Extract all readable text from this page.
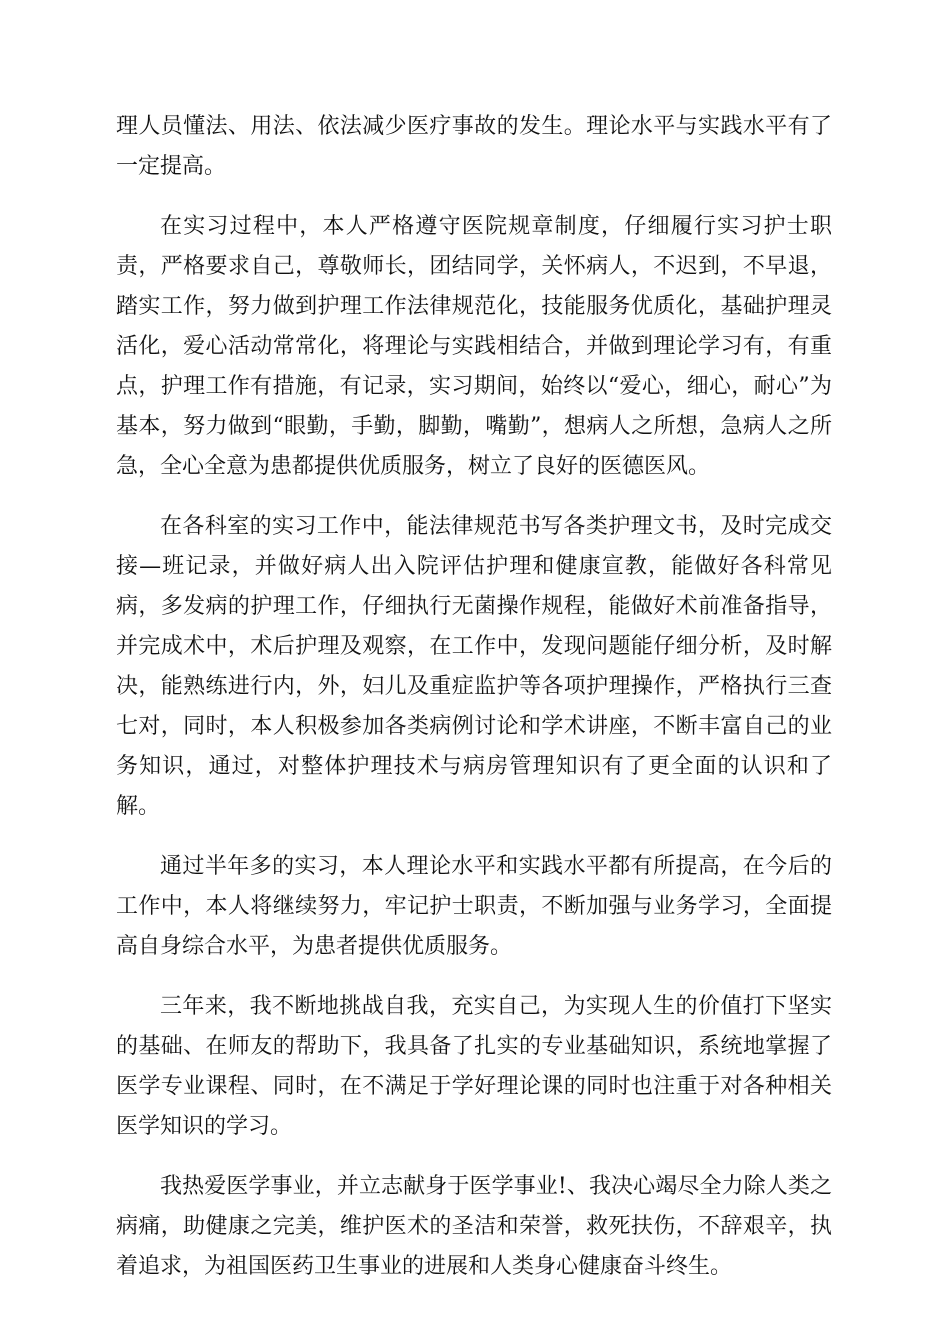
理人员懂法、用法、依法减少医疗事故的发生。理论水平与实践水平有了一定提高。

在实习过程中，本人严格遵守医院规章制度，仔细履行实习护士职责，严格要求自己，尊敬师长，团结同学，关怀病人，不迟到，不早退，踏实工作，努力做到护理工作法律规范化，技能服务优质化，基础护理灵活化，爱心活动常常化，将理论与实践相结合，并做到理论学习有，有重点，护理工作有措施，有记录，实习期间，始终以“爱心，细心，耐心”为基本，努力做到“眼勤，手勤，脚勤，嘴勤”，想病人之所想，急病人之所急，全心全意为患都提供优质服务，树立了良好的医德医风。

在各科室的实习工作中，能法律规范书写各类护理文书，及时完成交接—班记录，并做好病人出入院评估护理和健康宣教，能做好各科常见病，多发病的护理工作，仔细执行无菌操作规程，能做好术前准备指导，并完成术中，术后护理及观察，在工作中，发现问题能仔细分析，及时解决，能熟练进行内，外，妇儿及重症监护等各项护理操作，严格执行三查七对，同时，本人积极参加各类病例讨论和学术讲座，不断丰富自己的业务知识，通过，对整体护理技术与病房管理知识有了更全面的认识和了解。

通过半年多的实习，本人理论水平和实践水平都有所提高，在今后的工作中，本人将继续努力，牢记护士职责，不断加强与业务学习，全面提高自身综合水平，为患者提供优质服务。

三年来，我不断地挑战自我，充实自己，为实现人生的价值打下坚实的基础、在师友的帮助下，我具备了扎实的专业基础知识，系统地掌握了医学专业课程、同时，在不满足于学好理论课的同时也注重于对各种相关医学知识的学习。

我热爱医学事业，并立志献身于医学事业!、我决心竭尽全力除人类之病痛，助健康之完美，维护医术的圣洁和荣誉，救死扶伤，不辞艰辛，执着追求，为祖国医药卫生事业的进展和人类身心健康奋斗终生。
